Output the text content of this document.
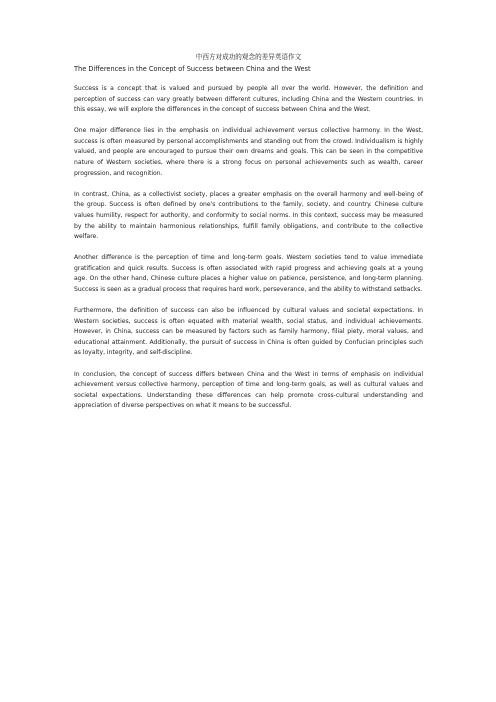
中西方对成功的观念的差异英语作文
The Differences in the Concept of Success between China and the West

Success is a concept that is valued and pursued by people all over the world. However, the definition and perception of success can vary greatly between different cultures, including China and the Western countries. In this essay, we will explore the differences in the concept of success between China and the West.

One major difference lies in the emphasis on individual achievement versus collective harmony. In the West, success is often measured by personal accomplishments and standing out from the crowd. Individualism is highly valued, and people are encouraged to pursue their own dreams and goals. This can be seen in the competitive nature of Western societies, where there is a strong focus on personal achievements such as wealth, career progression, and recognition.

In contrast, China, as a collectivist society, places a greater emphasis on the overall harmony and well-being of the group. Success is often defined by one's contributions to the family, society, and country. Chinese culture values humility, respect for authority, and conformity to social norms. In this context, success may be measured by the ability to maintain harmonious relationships, fulfill family obligations, and contribute to the collective welfare.

Another difference is the perception of time and long-term goals. Western societies tend to value immediate gratification and quick results. Success is often associated with rapid progress and achieving goals at a young age. On the other hand, Chinese culture places a higher value on patience, persistence, and long-term planning. Success is seen as a gradual process that requires hard work, perseverance, and the ability to withstand setbacks.

Furthermore, the definition of success can also be influenced by cultural values and societal expectations. In Western societies, success is often equated with material wealth, social status, and individual achievements. However, in China, success can be measured by factors such as family harmony, filial piety, moral values, and educational attainment. Additionally, the pursuit of success in China is often guided by Confucian principles such as loyalty, integrity, and self-discipline.

In conclusion, the concept of success differs between China and the West in terms of emphasis on individual achievement versus collective harmony, perception of time and long-term goals, as well as cultural values and societal expectations. Understanding these differences can help promote cross-cultural understanding and appreciation of diverse perspectives on what it means to be successful.
